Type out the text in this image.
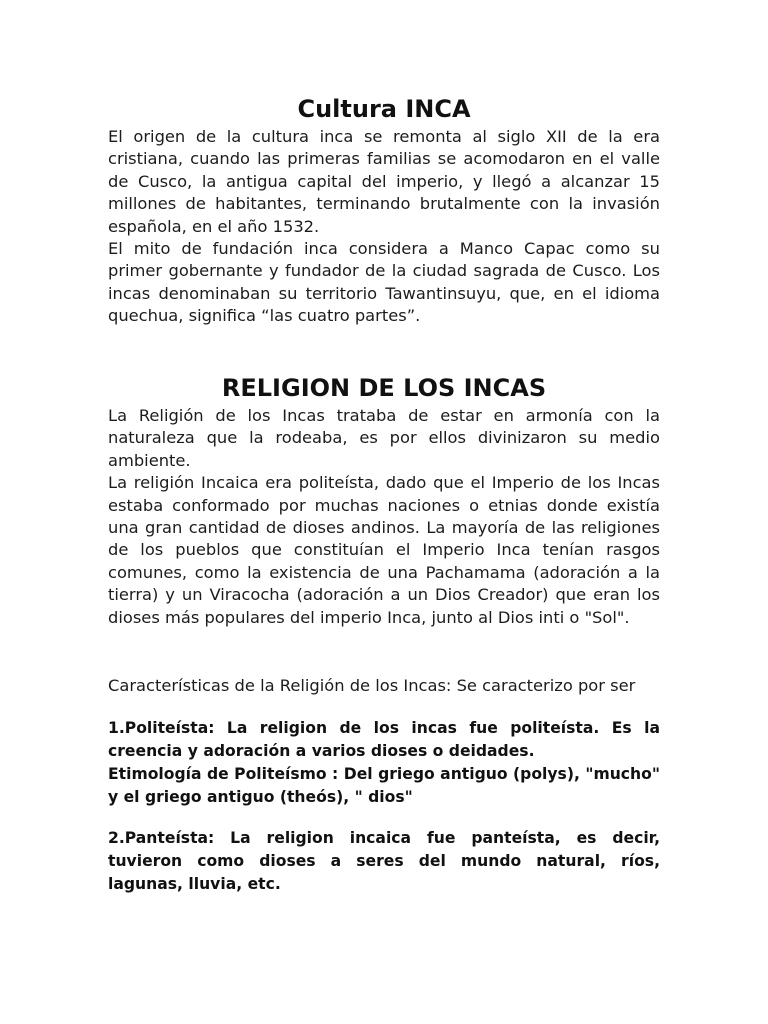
Cultura INCA

El origen de la cultura inca se remonta al siglo XII de la era cristiana, cuando las primeras familias se acomodaron en el valle de Cusco, la antigua capital del imperio, y llegó a alcanzar 15 millones de habitantes, terminando brutalmente con la invasión española, en el año 1532.

El mito de fundación inca considera a Manco Capac como su primer gobernante y fundador de la ciudad sagrada de Cusco. Los incas denominaban su territorio Tawantinsuyu, que, en el idioma quechua, significa “las cuatro partes”.

RELIGION DE LOS INCAS

La Religión de los Incas trataba de estar en armonía con la naturaleza que la rodeaba, es por ellos divinizaron su medio ambiente.

La religión Incaica era politeísta, dado que el Imperio de los Incas estaba conformado por muchas naciones o etnias donde existía una gran cantidad de dioses andinos. La mayoría de las religiones de los pueblos que constituían el Imperio Inca tenían rasgos comunes, como la existencia de una Pachamama (adoración a la tierra) y un Viracocha (adoración a un Dios Creador) que eran los dioses más populares del imperio Inca, junto al Dios inti o "Sol".

Características de la Religión de los Incas: Se caracterizo por ser

1.Politeísta: La religion de los incas fue politeísta. Es la creencia y adoración a varios dioses o deidades.

Etimología de Politeísmo : Del griego antiguo (polys), "mucho" y el griego antiguo (theós), " dios"

2.Panteísta: La religion incaica fue panteísta, es decir, tuvieron como dioses a seres del mundo natural, ríos, lagunas, lluvia, etc.
